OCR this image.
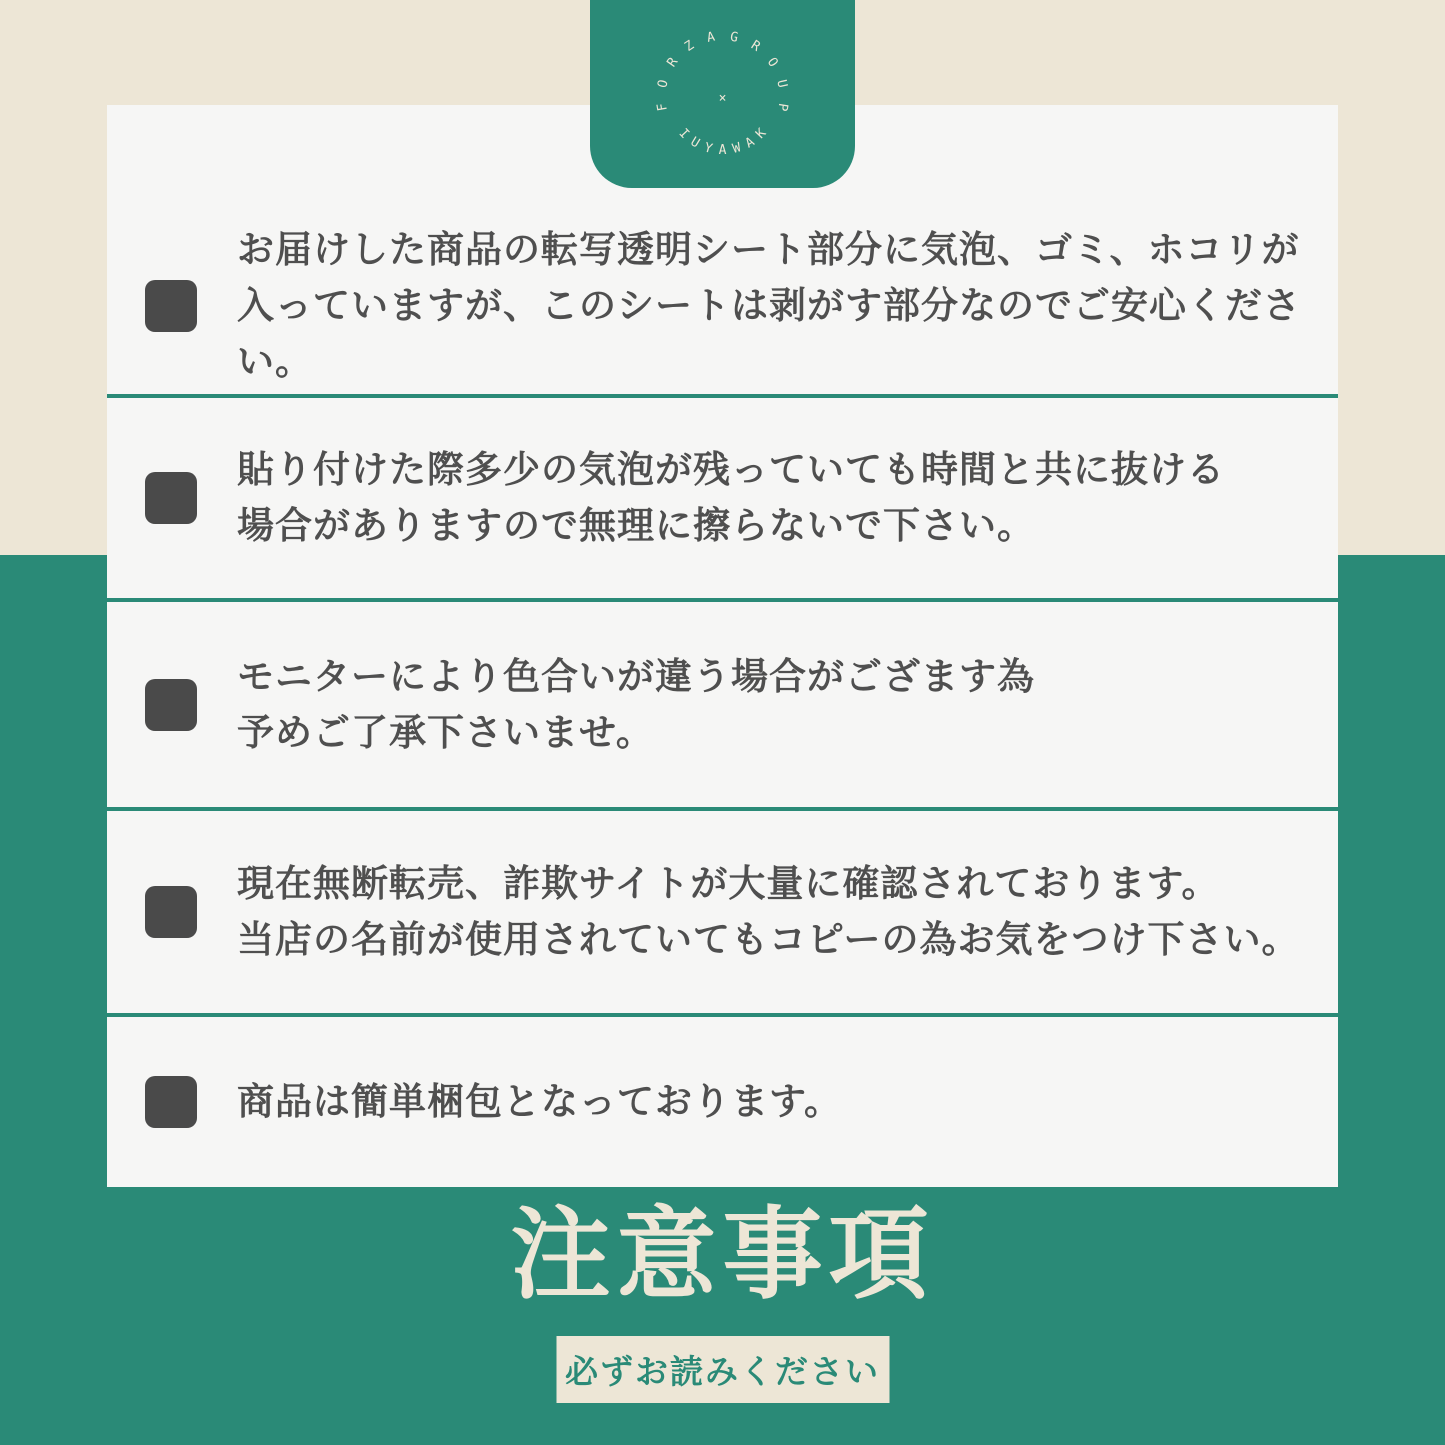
FORZAGROUP
IUYAWAK
×
お届けした商品の転写透明シート部分に気泡、ゴミ、ホコリが
入っていますが、このシートは剥がす部分なのでご安心ください。
貼り付けた際多少の気泡が残っていても時間と共に抜ける
場合がありますので無理に擦らないで下さい。
モニターにより色合いが違う場合がござます為
予めご了承下さいませ。
現在無断転売、詐欺サイトが大量に確認されております。
当店の名前が使用されていてもコピーの為お気をつけ下さい。
商品は簡単梱包となっております。
注意事項
必ずお読みください
